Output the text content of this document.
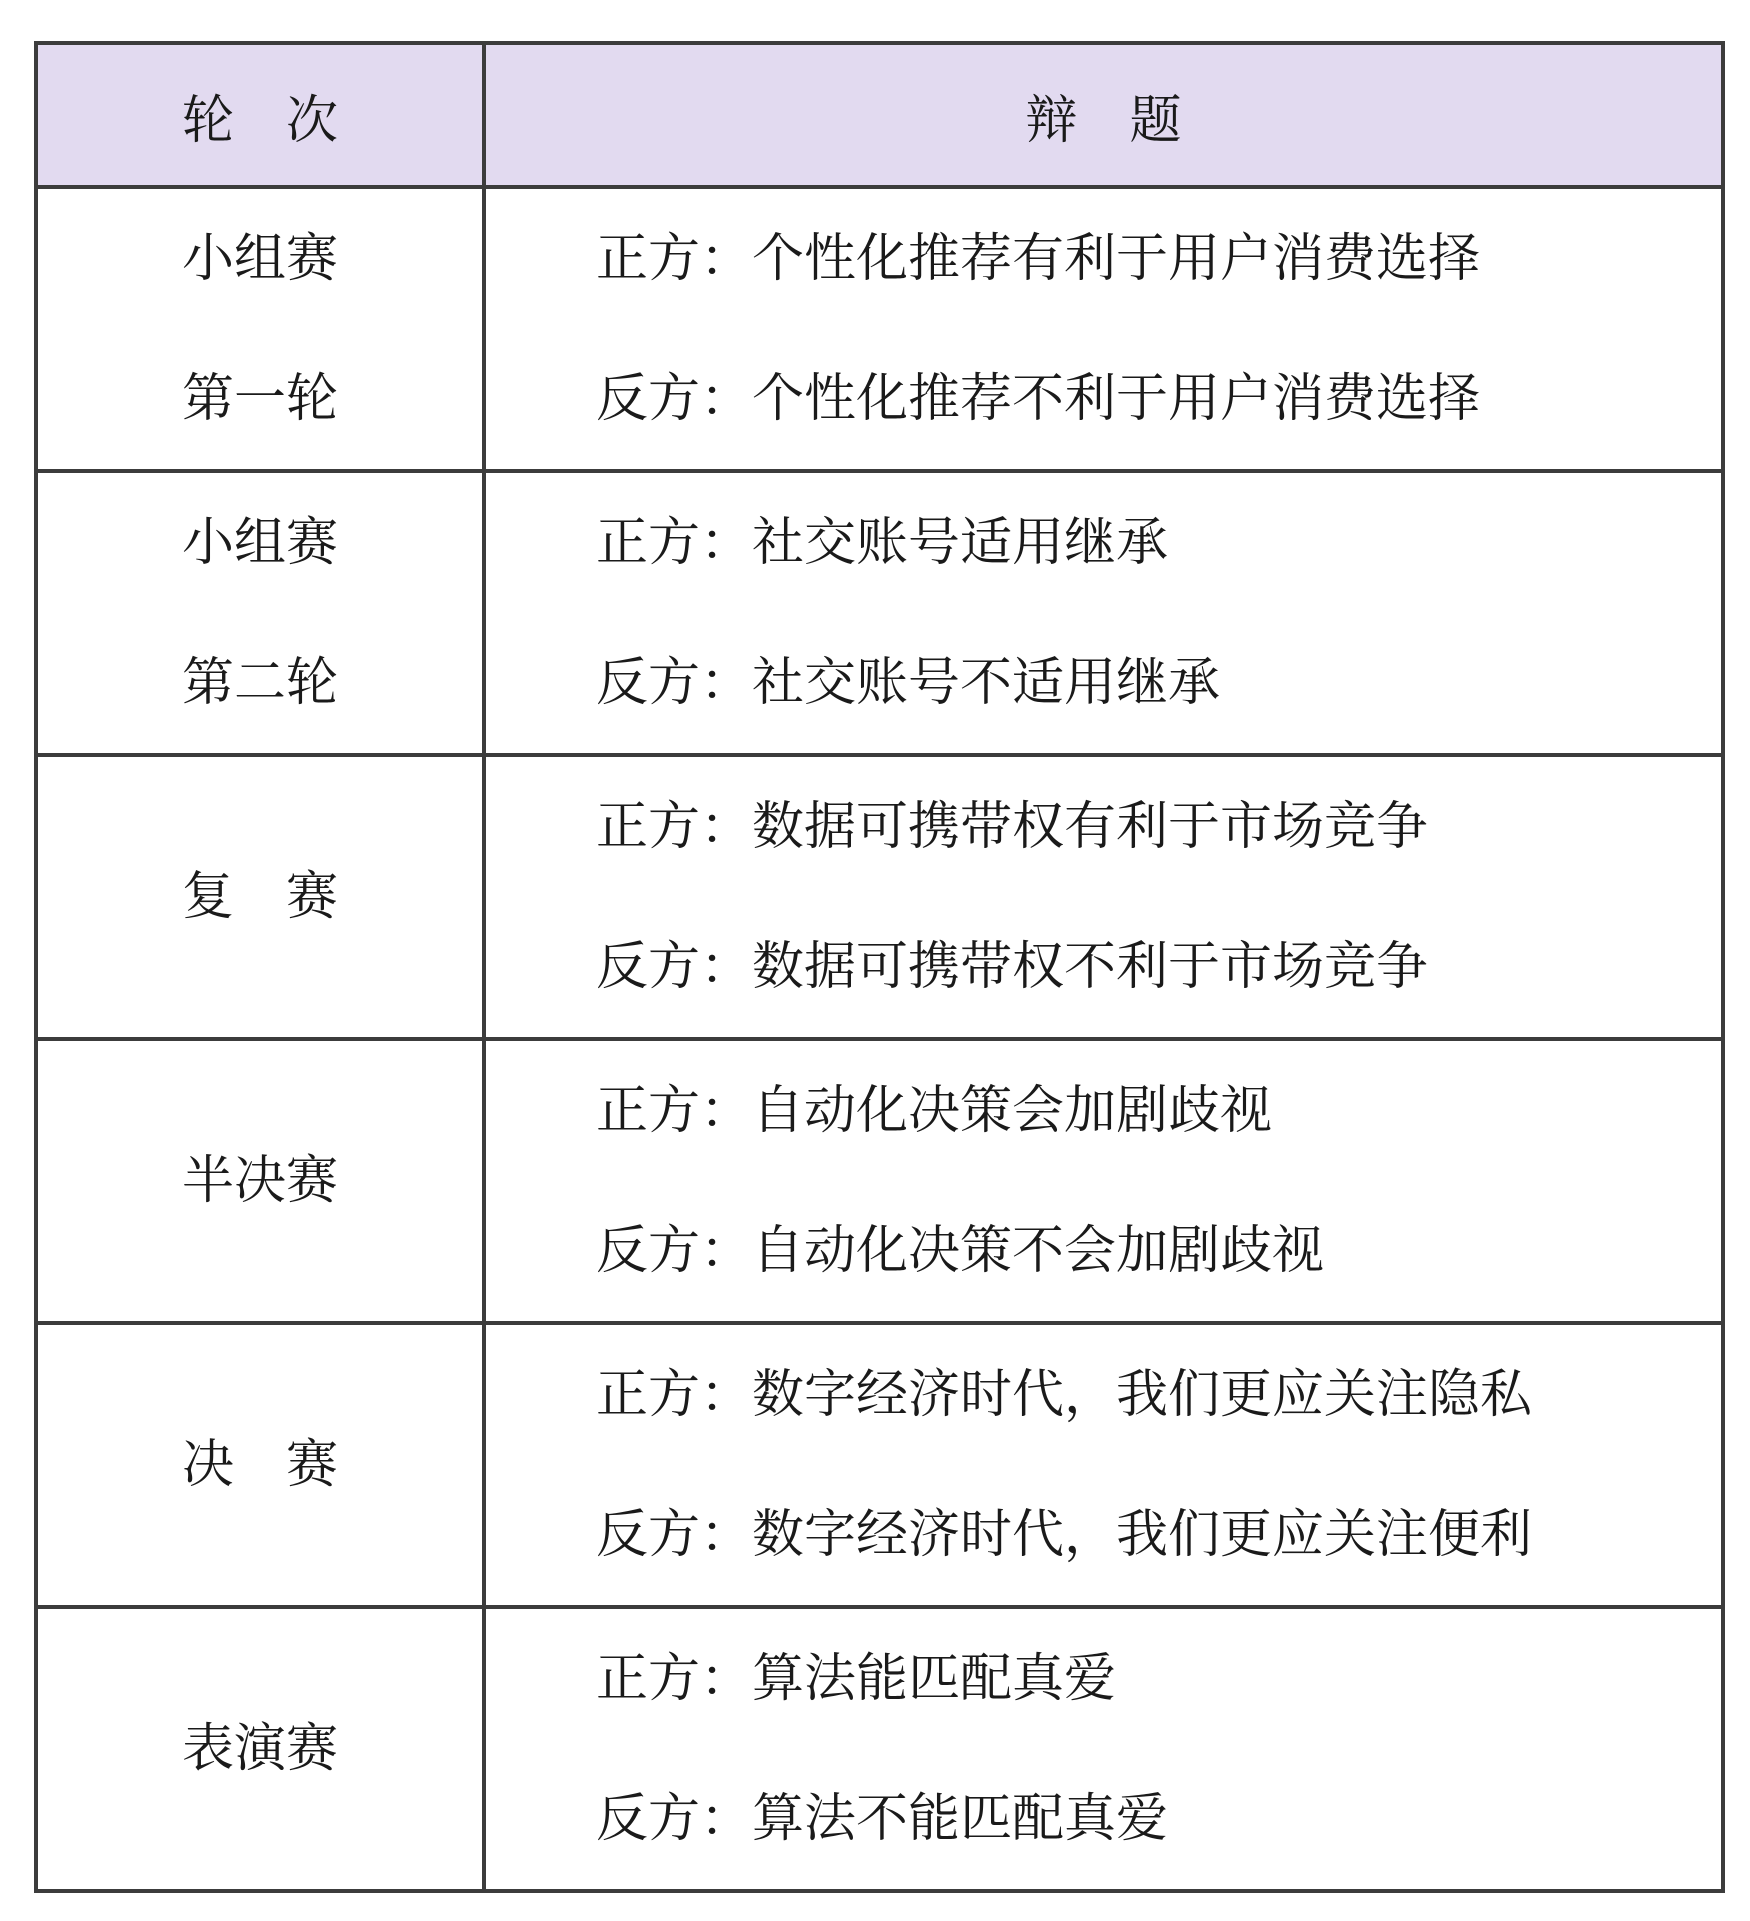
轮　次	辩　题

小组赛
第一轮	正方：个性化推荐有利于用户消费选择
反方：个性化推荐不利于用户消费选择

小组赛
第二轮	正方：社交账号适用继承
反方：社交账号不适用继承

复　赛	正方：数据可携带权有利于市场竞争
反方：数据可携带权不利于市场竞争

半决赛	正方：自动化决策会加剧歧视
反方：自动化决策不会加剧歧视

决　赛	正方：数字经济时代，我们更应关注隐私
反方：数字经济时代，我们更应关注便利

表演赛	正方：算法能匹配真爱
反方：算法不能匹配真爱
